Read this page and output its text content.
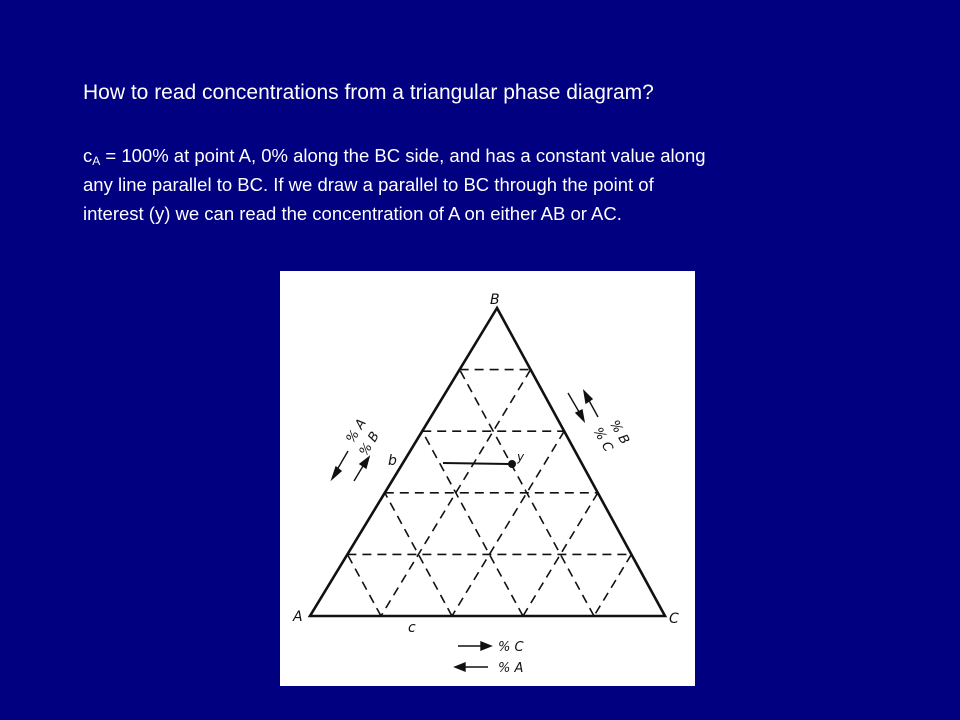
How to read concentrations from a triangular phase diagram?
$c_A = 100\%$ at point A, 0% along the BC side, and has a constant value along
any line parallel to BC. If we draw a parallel to BC through the point of
interest (y) we can read the concentration of A on either AB or AC.
B
A	C
y
b
c
% A
% B	% B
% C
% C
% A
